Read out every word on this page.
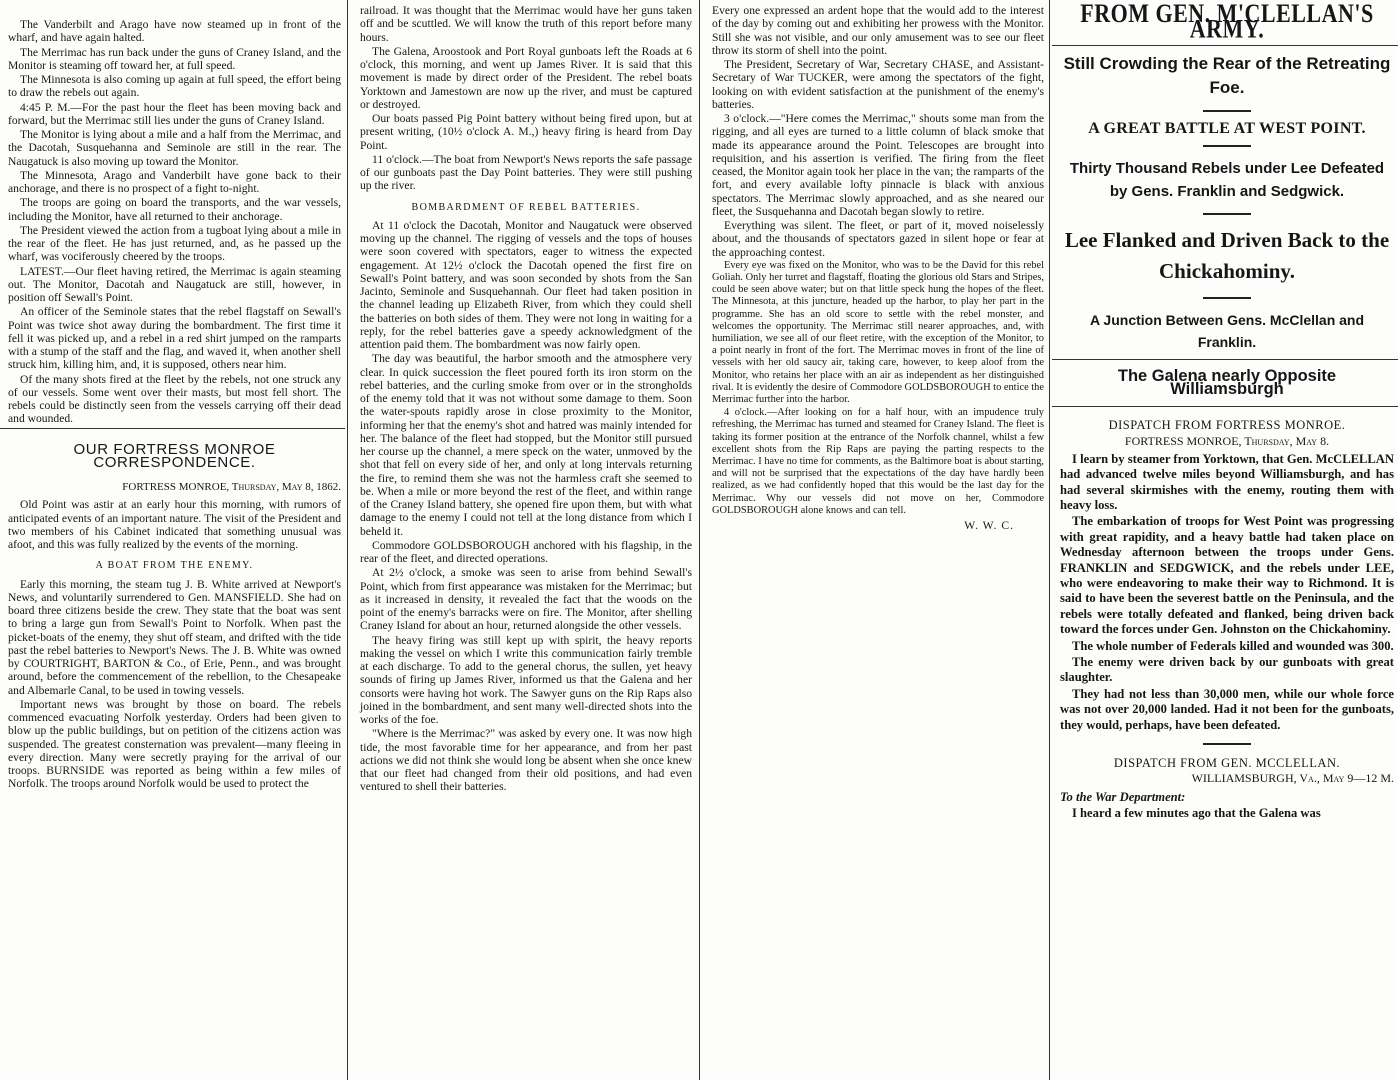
The Vanderbilt and Arago have now steamed up in front of the wharf, and have again halted.

The Merrimac has run back under the guns of Craney Island, and the Monitor is steaming off toward her, at full speed.

The Minnesota is also coming up again at full speed, the effort being to draw the rebels out again.

4:45 P. M.—For the past hour the fleet has been moving back and forward, but the Merrimac still lies under the guns of Craney Island.

The Monitor is lying about a mile and a half from the Merrimac, and the Dacotah, Susquehanna and Seminole are still in the rear. The Naugatuck is also moving up toward the Monitor.

The Minnesota, Arago and Vanderbilt have gone back to their anchorage, and there is no prospect of a fight to-night.

The troops are going on board the transports, and the war vessels, including the Monitor, have all returned to their anchorage.

The President viewed the action from a tugboat lying about a mile in the rear of the fleet. He has just returned, and, as he passed up the wharf, was vociferously cheered by the troops.

LATEST.—Our fleet having retired, the Merrimac is again steaming out. The Monitor, Dacotah and Naugatuck are still, however, in position off Sewall's Point.

An officer of the Seminole states that the rebel flagstaff on Sewall's Point was twice shot away during the bombardment. The first time it fell it was picked up, and a rebel in a red shirt jumped on the ramparts with a stump of the staff and the flag, and waved it, when another shell struck him, killing him, and, it is supposed, others near him.

Of the many shots fired at the fleet by the rebels, not one struck any of our vessels. Some went over their masts, but most fell short. The rebels could be distinctly seen from the vessels carrying off their dead and wounded.

OUR FORTRESS MONROE CORRESPONDENCE.
FORTRESS MONROE, Thursday, May 8, 1862.

Old Point was astir at an early hour this morning, with rumors of anticipated events of an important nature. The visit of the President and two members of his Cabinet indicated that something unusual was afoot, and this was fully realized by the events of the morning.

A BOAT FROM THE ENEMY.

Early this morning, the steam tug J. B. White arrived at Newport's News, and voluntarily surrendered to Gen. MANSFIELD. She had on board three citizens beside the crew. They state that the boat was sent to bring a large gun from Sewall's Point to Norfolk. When past the picket-boats of the enemy, they shut off steam, and drifted with the tide past the rebel batteries to Newport's News. The J. B. White was owned by COURTRIGHT, BARTON & Co., of Erie, Penn., and was brought around, before the commencement of the rebellion, to the Chesapeake and Albemarle Canal, to be used in towing vessels.

Important news was brought by those on board. The rebels commenced evacuating Norfolk yesterday. Orders had been given to blow up the public buildings, but on petition of the citizens action was suspended. The greatest consternation was prevalent—many fleeing in every direction. Many were secretly praying for the arrival of our troops. BURNSIDE was reported as being within a few miles of Norfolk. The troops around Norfolk would be used to protect the

railroad. It was thought that the Merrimac would have her guns taken off and be scuttled. We will know the truth of this report before many hours.

The Galena, Aroostook and Port Royal gunboats left the Roads at 6 o'clock, this morning, and went up James River. It is said that this movement is made by direct order of the President. The rebel boats Yorktown and Jamestown are now up the river, and must be captured or destroyed.

Our boats passed Pig Point battery without being fired upon, but at present writing, (10½ o'clock A. M.,) heavy firing is heard from Day Point.

11 o'clock.—The boat from Newport's News reports the safe passage of our gunboats past the Day Point batteries. They were still pushing up the river.

BOMBARDMENT OF REBEL BATTERIES.

At 11 o'clock the Dacotah, Monitor and Naugatuck were observed moving up the channel. The rigging of vessels and the tops of houses were soon covered with spectators, eager to witness the expected engagement. At 12½ o'clock the Dacotah opened the first fire on Sewall's Point battery, and was soon seconded by shots from the San Jacinto, Seminole and Susquehannah. Our fleet had taken position in the channel leading up Elizabeth River, from which they could shell the batteries on both sides of them. They were not long in waiting for a reply, for the rebel batteries gave a speedy acknowledgment of the attention paid them. The bombardment was now fairly open.

The day was beautiful, the harbor smooth and the atmosphere very clear. In quick succession the fleet poured forth its iron storm on the rebel batteries, and the curling smoke from over or in the strongholds of the enemy told that it was not without some damage to them. Soon the water-spouts rapidly arose in close proximity to the Monitor, informing her that the enemy's shot and hatred was mainly intended for her. The balance of the fleet had stopped, but the Monitor still pursued her course up the channel, a mere speck on the water, unmoved by the shot that fell on every side of her, and only at long intervals returning the fire, to remind them she was not the harmless craft she seemed to be. When a mile or more beyond the rest of the fleet, and within range of the Craney Island battery, she opened fire upon them, but with what damage to the enemy I could not tell at the long distance from which I beheld it.

Commodore GOLDSBOROUGH anchored with his flagship, in the rear of the fleet, and directed operations.

At 2½ o'clock, a smoke was seen to arise from behind Sewall's Point, which from first appearance was mistaken for the Merrimac; but as it increased in density, it revealed the fact that the woods on the point of the enemy's barracks were on fire. The Monitor, after shelling Craney Island for about an hour, returned alongside the other vessels.

The heavy firing was still kept up with spirit, the heavy reports making the vessel on which I write this communication fairly tremble at each discharge. To add to the general chorus, the sullen, yet heavy sounds of firing up James River, informed us that the Galena and her consorts were having hot work. The Sawyer guns on the Rip Raps also joined in the bombardment, and sent many well-directed shots into the works of the foe.

"Where is the Merrimac?" was asked by every one. It was now high tide, the most favorable time for her appearance, and from her past actions we did not think she would long be absent when she once knew that our fleet had changed from their old positions, and had even ventured to shell their batteries.

Every one expressed an ardent hope that the would add to the interest of the day by coming out and exhibiting her prowess with the Monitor. Still she was not visible, and our only amusement was to see our fleet throw its storm of shell into the point.

The President, Secretary of War, Secretary CHASE, and Assistant-Secretary of War TUCKER, were among the spectators of the fight, looking on with evident satisfaction at the punishment of the enemy's batteries.

3 o'clock.—"Here comes the Merrimac," shouts some man from the rigging, and all eyes are turned to a little column of black smoke that made its appearance around the Point. Telescopes are brought into requisition, and his assertion is verified. The firing from the fleet ceased, the Monitor again took her place in the van; the ramparts of the fort, and every available lofty pinnacle is black with anxious spectators. The Merrimac slowly approached, and as she neared our fleet, the Susquehanna and Dacotah began slowly to retire.

Everything was silent. The fleet, or part of it, moved noiselessly about, and the thousands of spectators gazed in silent hope or fear at the approaching contest.

Every eye was fixed on the Monitor, who was to be the David for this rebel Goliah. Only her turret and flagstaff, floating the glorious old Stars and Stripes, could be seen above water; but on that little speck hung the hopes of the fleet. The Minnesota, at this juncture, headed up the harbor, to play her part in the programme. She has an old score to settle with the rebel monster, and welcomes the opportunity. The Merrimac still nearer approaches, and, with humiliation, we see all of our fleet retire, with the exception of the Monitor, to a point nearly in front of the fort. The Merrimac moves in front of the line of vessels with her old saucy air, taking care, however, to keep aloof from the Monitor, who retains her place with an air as independent as her distinguished rival. It is evidently the desire of Commodore GOLDSBOROUGH to entice the Merrimac further into the harbor.

4 o'clock.—After looking on for a half hour, with an impudence truly refreshing, the Merrimac has turned and steamed for Craney Island. The fleet is taking its former position at the entrance of the Norfolk channel, whilst a few excellent shots from the Rip Raps are paying the parting respects to the Merrimac. I have no time for comments, as the Baltimore boat is about starting, and will not be surprised that the expectations of the day have hardly been realized, as we had confidently hoped that this would be the last day for the Merrimac. Why our vessels did not move on her, Commodore GOLDSBOROUGH alone knows and can tell.

W. W. C.
FROM GEN. M'CLELLAN'S ARMY.
Still Crowding the Rear of the Retreating Foe.
A GREAT BATTLE AT WEST POINT.
Thirty Thousand Rebels under Lee Defeated by Gens. Franklin and Sedgwick.
Lee Flanked and Driven Back to the Chickahominy.
A Junction Between Gens. McClellan and Franklin.
The Galena nearly Opposite Williamsburgh
DISPATCH FROM FORTRESS MONROE.
FORTRESS MONROE, Thursday, May 8.

I learn by steamer from Yorktown, that Gen. McCLELLAN had advanced twelve miles beyond Williamsburgh, and has had several skirmishes with the enemy, routing them with heavy loss.

The embarkation of troops for West Point was progressing with great rapidity, and a heavy battle had taken place on Wednesday afternoon between the troops under Gens. FRANKLIN and SEDGWICK, and the rebels under LEE, who were endeavoring to make their way to Richmond. It is said to have been the severest battle on the Peninsula, and the rebels were totally defeated and flanked, being driven back toward the forces under Gen. Johnston on the Chickahominy.

The whole number of Federals killed and wounded was 300.

The enemy were driven back by our gunboats with great slaughter.

They had not less than 30,000 men, while our whole force was not over 20,000 landed. Had it not been for the gunboats, they would, perhaps, have been defeated.

DISPATCH FROM GEN. MCCLELLAN.
WILLIAMSBURGH, Va., May 9—12 M.

To the War Department:

I heard a few minutes ago that the Galena was
